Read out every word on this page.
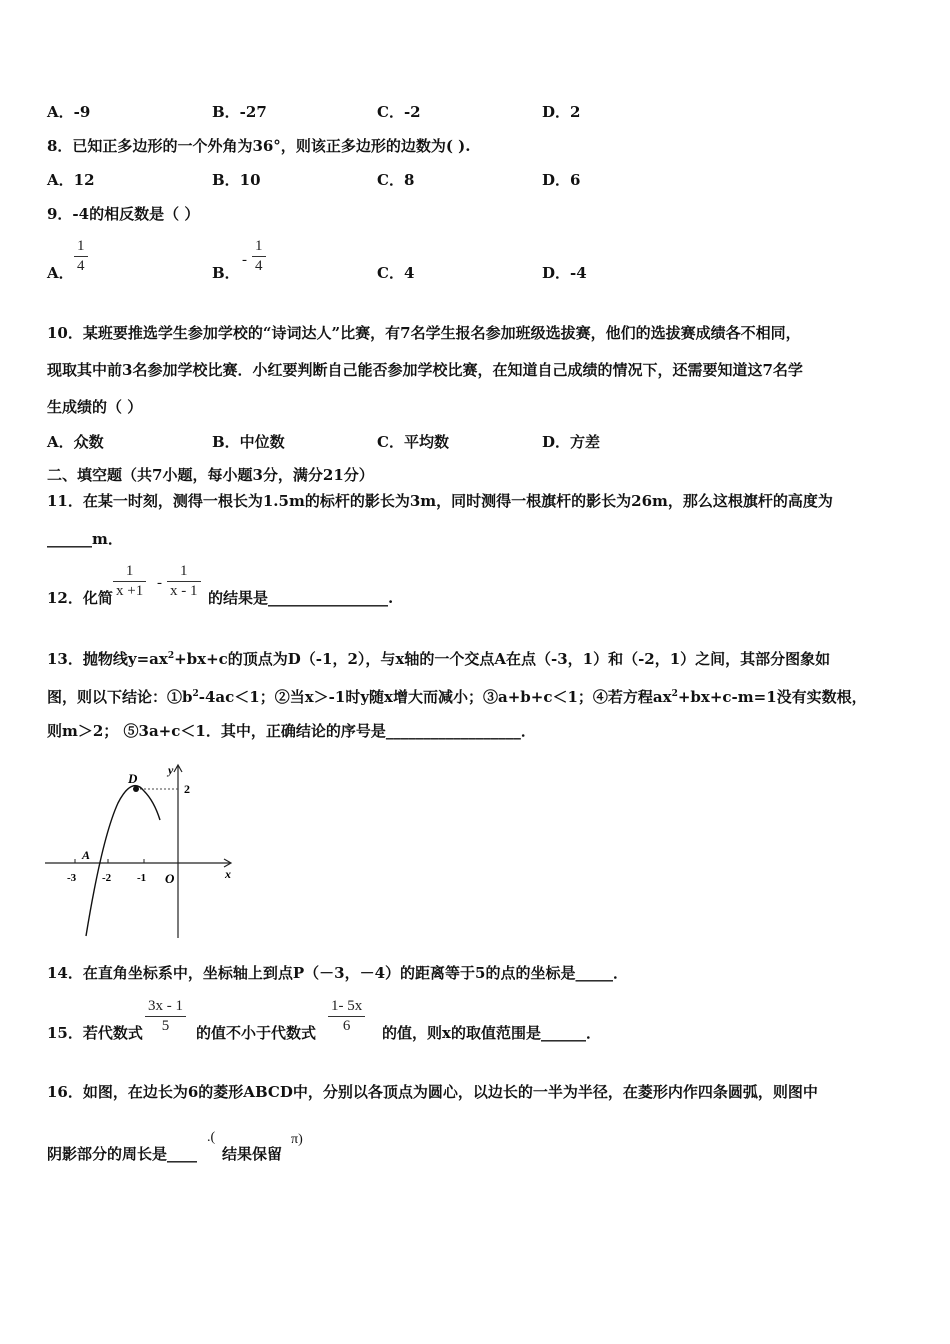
A．-9	B．-27	C．-2	D．2
8．已知正多边形的一个外角为36°，则该正多边形的边数为( ).
A．12	B．10	C．8	D．6
9．-4的相反数是（ ）
A．
1
4	B．
-
1
4	C．4	D．-4
10．某班要推选学生参加学校的“诗词达人”比赛，有7名学生报名参加班级选拔赛，他们的选拔赛成绩各不相同，
现取其中前3名参加学校比赛．小红要判断自己能否参加学校比赛，在知道自己成绩的情况下，还需要知道这7名学
生成绩的（ ）
A．众数	B．中位数	C．平均数	D．方差
二、填空题（共7小题，每小题3分，满分21分）
11．在某一时刻，测得一根长为1.5m的标杆的影长为3m，同时测得一根旗杆的影长为26m，那么这根旗杆的高度为
______m．
12．化简
1
x +1 -
1
x - 1 的结果是________________.
13．抛物线$y=ax^2+bx+c$的顶点为D（-1，2），与x轴的一个交点A在点（-3，1）和（-2，1）之间，其部分图象如
图，则以下结论：$①b^2-4ac<1$；②当x＞-1时y随x增大而减小；③a+b+c＜1；④若方程$ax^2+bx+c-m=1$没有实数根，
则m＞2； ⑤3a+c＜1．其中，正确结论的序号是__________________．
D
A
y
x
O
2
-3 -2 -1
14．在直角坐标系中，坐标轴上到点P（－3，－4）的距离等于5的点的坐标是_____．
15．若代数式
3x - 1
5	的值不小于代数式
1- 5x
6	的值，则x的取值范围是______．
16．如图，在边长为6的菱形ABCD中，分别以各顶点为圆心，以边长的一半为半径，在菱形内作四条圆弧，则图中
阴影部分的周长是____
.(
结果保留
π)
